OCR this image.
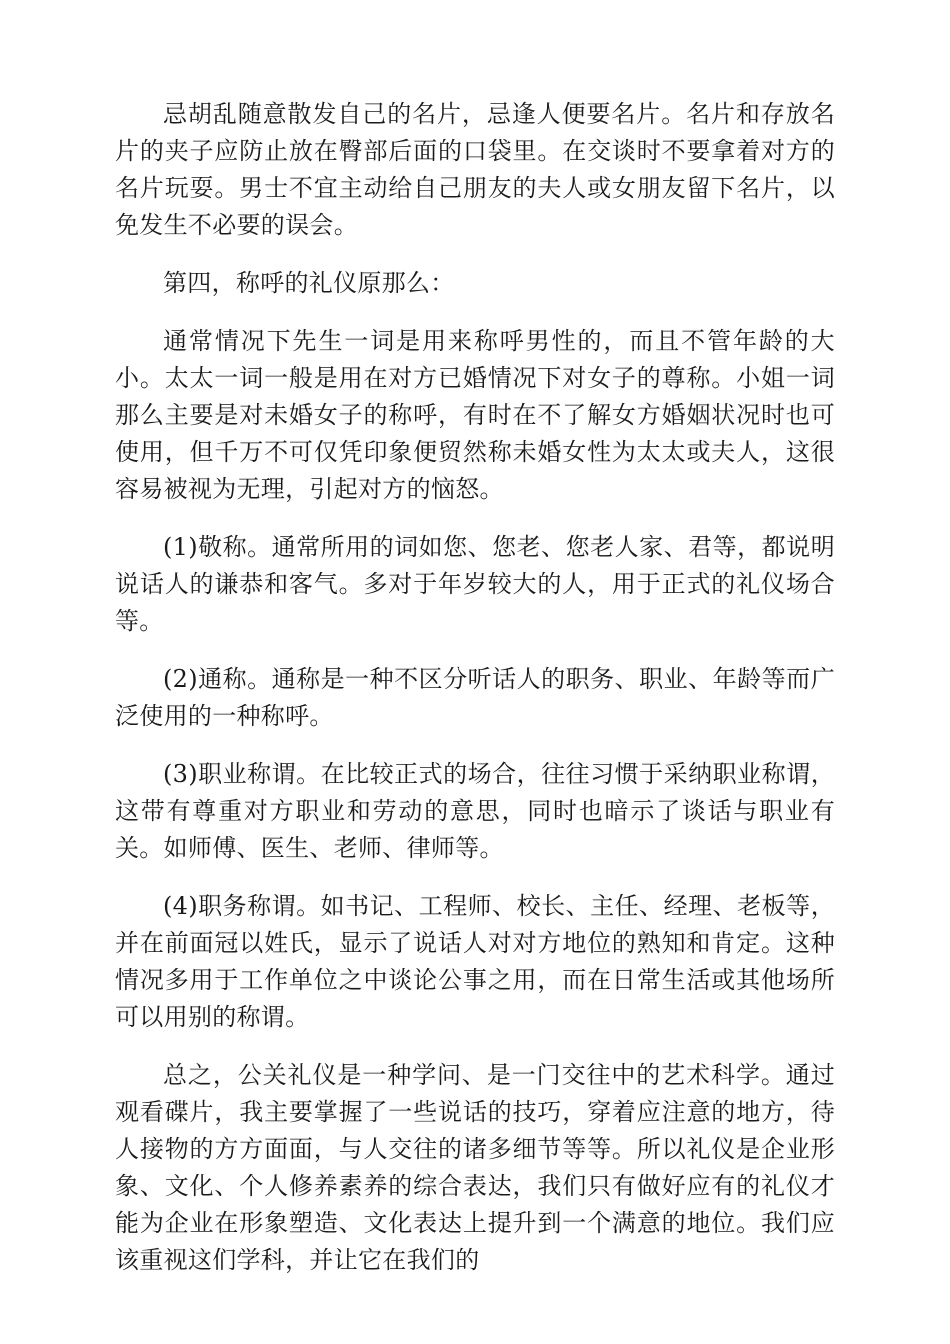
忌胡乱随意散发自己的名片，忌逢人便要名片。名片和存放名片的夹子应防止放在臀部后面的口袋里。在交谈时不要拿着对方的名片玩耍。男士不宜主动给自己朋友的夫人或女朋友留下名片，以免发生不必要的误会。

第四，称呼的礼仪原那么：

通常情况下先生一词是用来称呼男性的，而且不管年龄的大小。太太一词一般是用在对方已婚情况下对女子的尊称。小姐一词那么主要是对未婚女子的称呼，有时在不了解女方婚姻状况时也可使用，但千万不可仅凭印象便贸然称未婚女性为太太或夫人，这很容易被视为无理，引起对方的恼怒。

(1)敬称。通常所用的词如您、您老、您老人家、君等，都说明说话人的谦恭和客气。多对于年岁较大的人，用于正式的礼仪场合等。

(2)通称。通称是一种不区分听话人的职务、职业、年龄等而广泛使用的一种称呼。

(3)职业称谓。在比较正式的场合，往往习惯于采纳职业称谓，这带有尊重对方职业和劳动的意思，同时也暗示了谈话与职业有关。如师傅、医生、老师、律师等。

(4)职务称谓。如书记、工程师、校长、主任、经理、老板等，并在前面冠以姓氏，显示了说话人对对方地位的熟知和肯定。这种情况多用于工作单位之中谈论公事之用，而在日常生活或其他场所可以用别的称谓。

总之，公关礼仪是一种学问、是一门交往中的艺术科学。通过观看碟片，我主要掌握了一些说话的技巧，穿着应注意的地方，待人接物的方方面面，与人交往的诸多细节等等。所以礼仪是企业形象、文化、个人修养素养的综合表达，我们只有做好应有的礼仪才能为企业在形象塑造、文化表达上提升到一个满意的地位。我们应该重视这们学科，并让它在我们的
